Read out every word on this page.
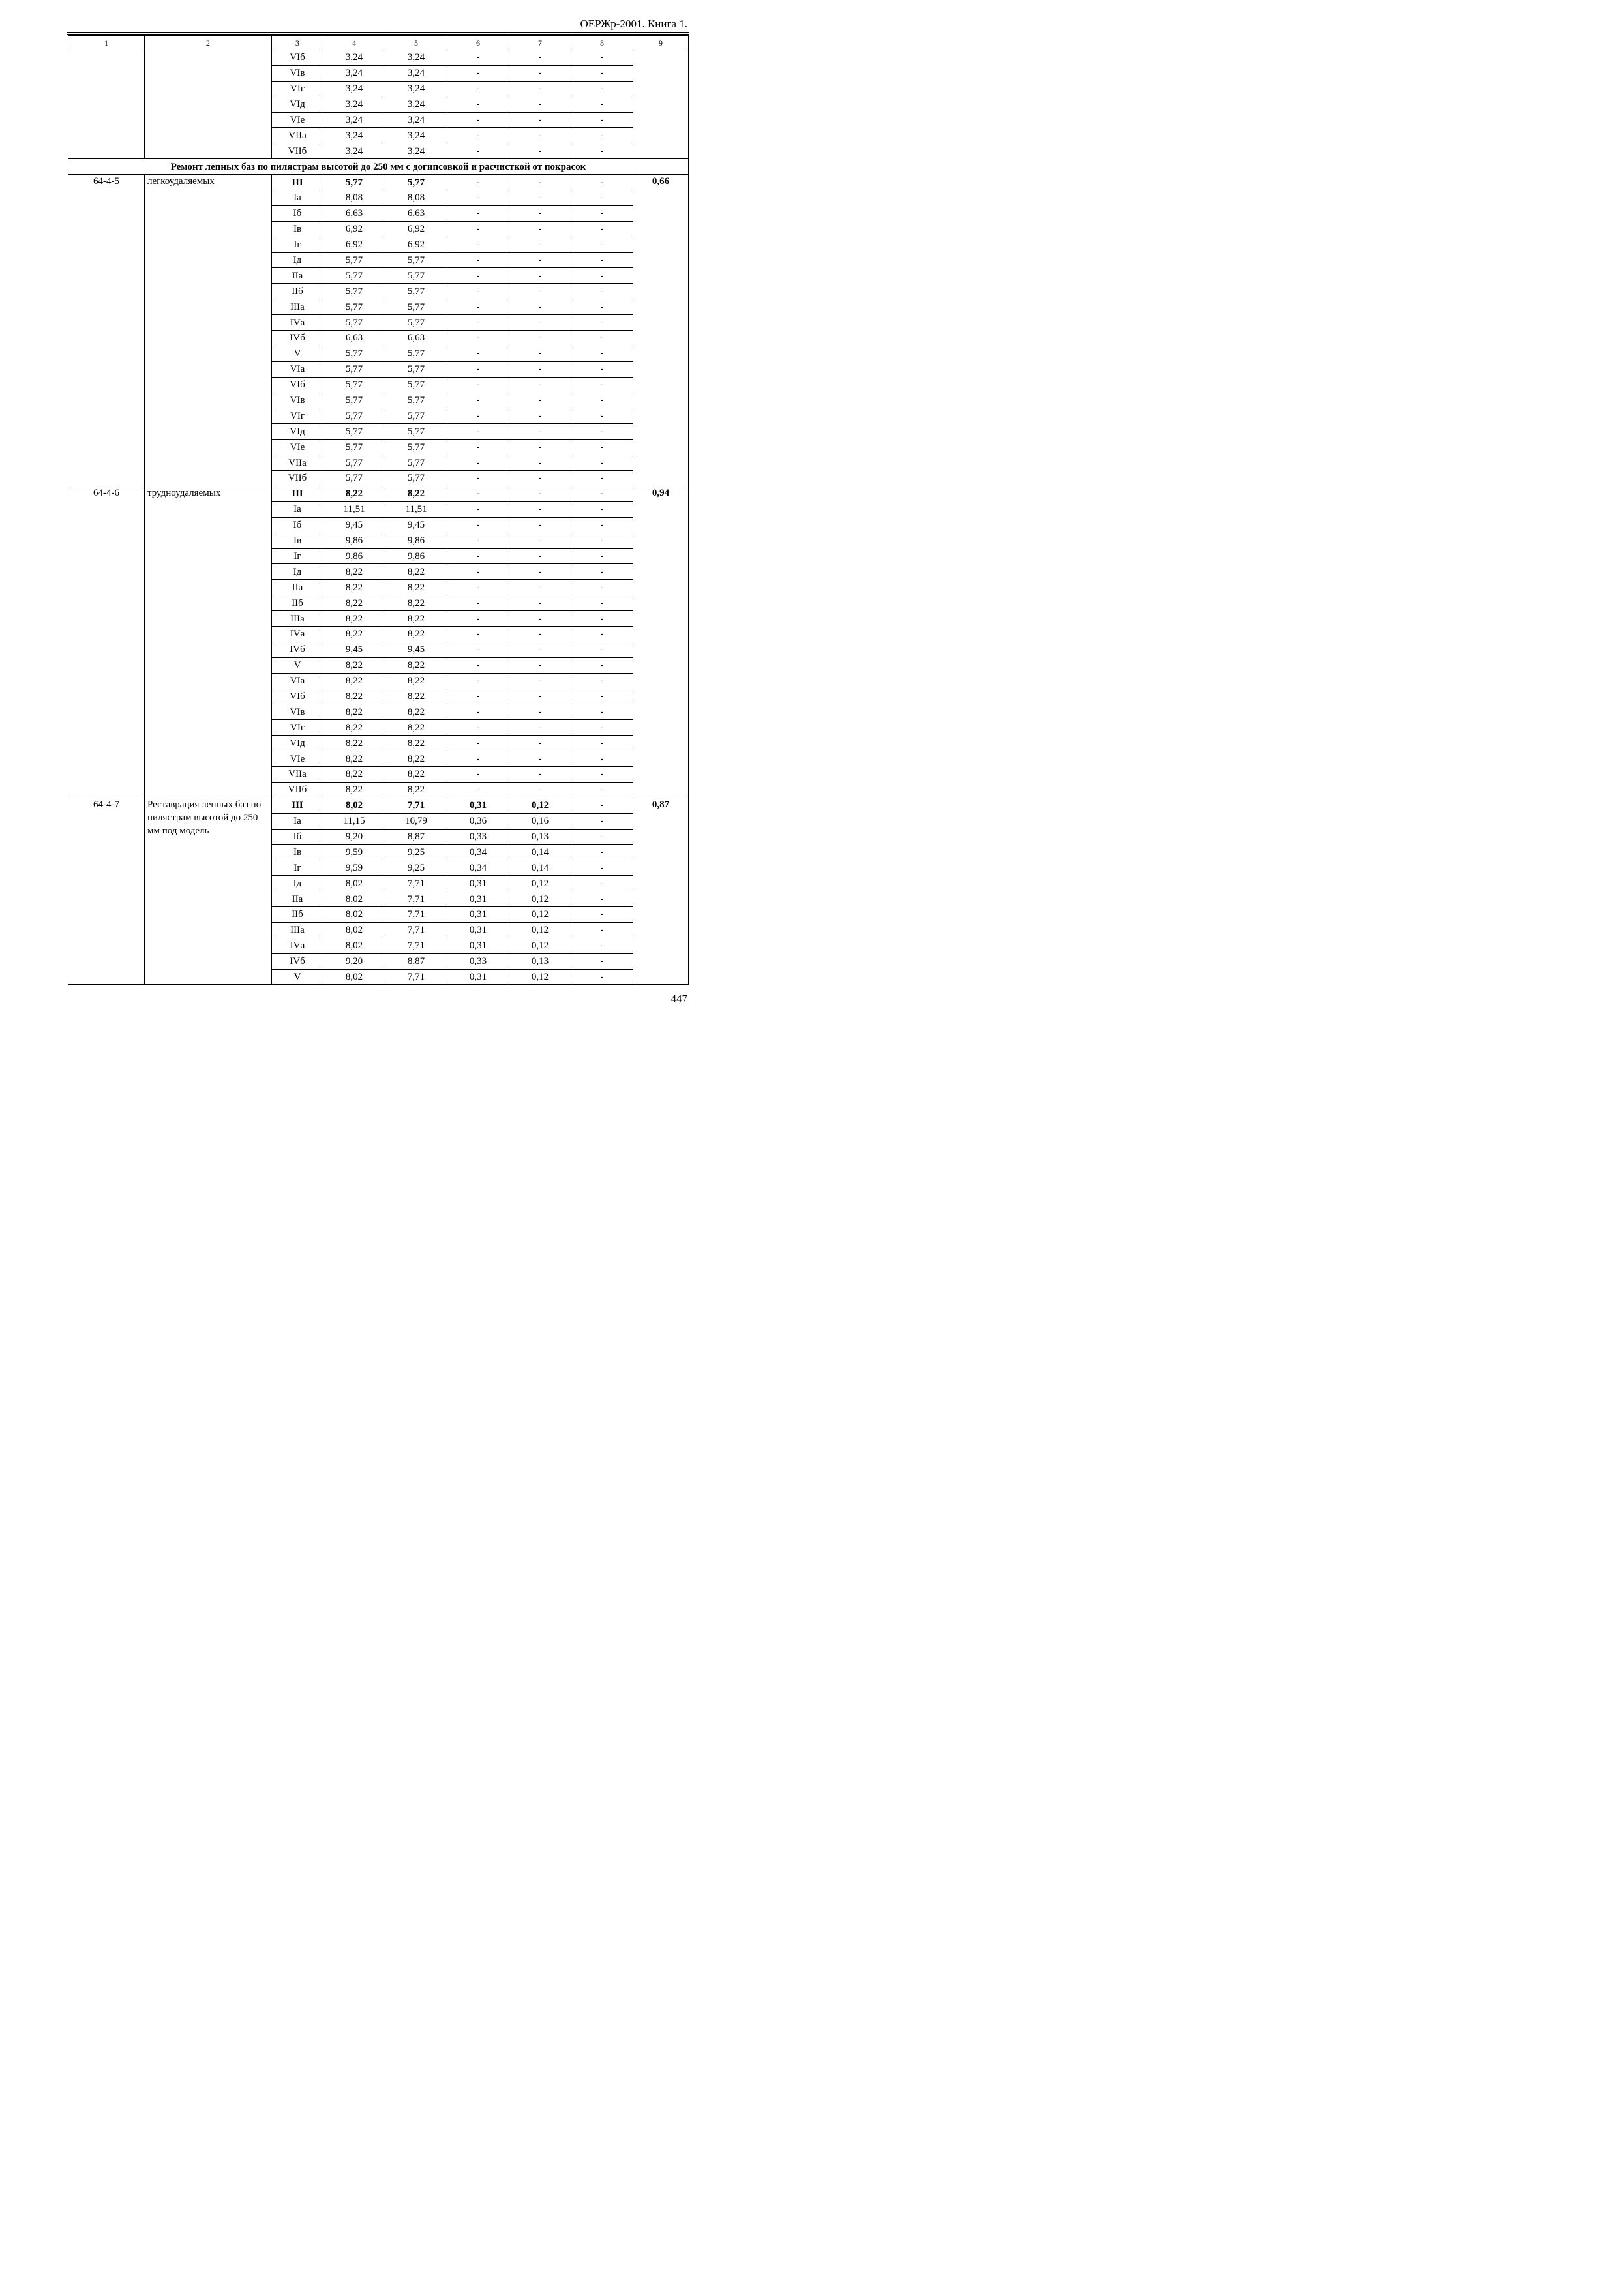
ОЕРЖр-2001. Книга 1.
1	2	3	4	5	6	7	8	9
		VIб	3,24	3,24	-	-	-	
		VIв	3,24	3,24	-	-	-	
		VIг	3,24	3,24	-	-	-	
		VIд	3,24	3,24	-	-	-	
		VIе	3,24	3,24	-	-	-	
		VIIа	3,24	3,24	-	-	-	
		VIIб	3,24	3,24	-	-	-	
Ремонт лепных баз по пилястрам высотой до 250 мм с догипсовкой и расчисткой от покрасок								
64-4-5	легкоудаляемых	III	5,77	5,77	-	-	-	0,66
		Iа	8,08	8,08	-	-	-	
		Iб	6,63	6,63	-	-	-	
		Iв	6,92	6,92	-	-	-	
		Iг	6,92	6,92	-	-	-	
		Iд	5,77	5,77	-	-	-	
		IIа	5,77	5,77	-	-	-	
		IIб	5,77	5,77	-	-	-	
		IIIа	5,77	5,77	-	-	-	
		IVа	5,77	5,77	-	-	-	
		IVб	6,63	6,63	-	-	-	
		V	5,77	5,77	-	-	-	
		VIа	5,77	5,77	-	-	-	
		VIб	5,77	5,77	-	-	-	
		VIв	5,77	5,77	-	-	-	
		VIг	5,77	5,77	-	-	-	
		VIд	5,77	5,77	-	-	-	
		VIе	5,77	5,77	-	-	-	
		VIIа	5,77	5,77	-	-	-	
		VIIб	5,77	5,77	-	-	-	
64-4-6	трудноудаляемых	III	8,22	8,22	-	-	-	0,94
		Iа	11,51	11,51	-	-	-	
		Iб	9,45	9,45	-	-	-	
		Iв	9,86	9,86	-	-	-	
		Iг	9,86	9,86	-	-	-	
		Iд	8,22	8,22	-	-	-	
		IIа	8,22	8,22	-	-	-	
		IIб	8,22	8,22	-	-	-	
		IIIа	8,22	8,22	-	-	-	
		IVа	8,22	8,22	-	-	-	
		IVб	9,45	9,45	-	-	-	
		V	8,22	8,22	-	-	-	
		VIа	8,22	8,22	-	-	-	
		VIб	8,22	8,22	-	-	-	
		VIв	8,22	8,22	-	-	-	
		VIг	8,22	8,22	-	-	-	
		VIд	8,22	8,22	-	-	-	
		VIе	8,22	8,22	-	-	-	
		VIIа	8,22	8,22	-	-	-	
		VIIб	8,22	8,22	-	-	-	
64-4-7	Реставрация лепных баз по пилястрам высотой до 250 мм под модель	III	8,02	7,71	0,31	0,12	-	0,87
		Iа	11,15	10,79	0,36	0,16	-	
		Iб	9,20	8,87	0,33	0,13	-	
		Iв	9,59	9,25	0,34	0,14	-	
		Iг	9,59	9,25	0,34	0,14	-	
		Iд	8,02	7,71	0,31	0,12	-	
		IIа	8,02	7,71	0,31	0,12	-	
		IIб	8,02	7,71	0,31	0,12	-	
		IIIа	8,02	7,71	0,31	0,12	-	
		IVа	8,02	7,71	0,31	0,12	-	
		IVб	9,20	8,87	0,33	0,13	-	
		V	8,02	7,71	0,31	0,12	-	
447
